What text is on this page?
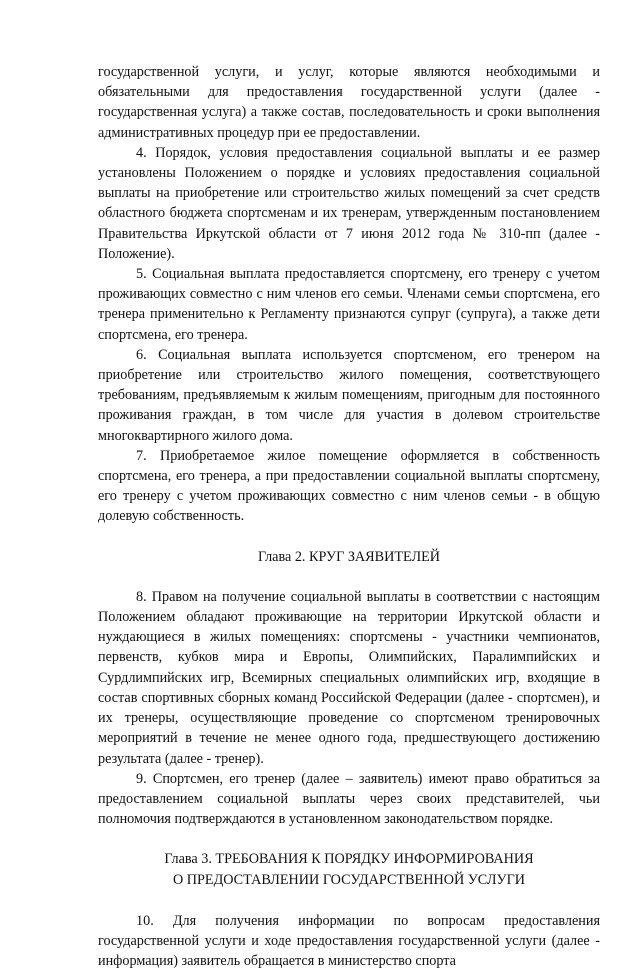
государственной услуги, и услуг, которые являются необходимыми и обязательными для предоставления государственной услуги (далее - государственная услуга) а также состав, последовательность и сроки выполнения административных процедур при ее предоставлении.

4. Порядок, условия предоставления социальной выплаты и ее размер установлены Положением о порядке и условиях предоставления социальной выплаты на приобретение или строительство жилых помещений за счет средств областного бюджета спортсменам и их тренерам, утвержденным постановлением Правительства Иркутской области от 7 июня 2012 года № 310-пп (далее - Положение).

5. Социальная выплата предоставляется спортсмену, его тренеру с учетом проживающих совместно с ним членов его семьи. Членами семьи спортсмена, его тренера применительно к Регламенту признаются супруг (супруга), а также дети спортсмена, его тренера.

6. Социальная выплата используется спортсменом, его тренером на приобретение или строительство жилого помещения, соответствующего требованиям, предъявляемым к жилым помещениям, пригодным для постоянного проживания граждан, в том числе для участия в долевом строительстве многоквартирного жилого дома.

7. Приобретаемое жилое помещение оформляется в собственность спортсмена, его тренера, а при предоставлении социальной выплаты спортсмену, его тренеру с учетом проживающих совместно с ним членов семьи - в общую долевую собственность.

Глава 2. КРУГ ЗАЯВИТЕЛЕЙ

8. Правом на получение социальной выплаты в соответствии с настоящим Положением обладают проживающие на территории Иркутской области и нуждающиеся в жилых помещениях: спортсмены - участники чемпионатов, первенств, кубков мира и Европы, Олимпийских, Паралимпийских и Сурдлимпийских игр, Всемирных специальных олимпийских игр, входящие в состав спортивных сборных команд Российской Федерации (далее - спортсмен), и их тренеры, осуществляющие проведение со спортсменом тренировочных мероприятий в течение не менее одного года, предшествующего достижению результата (далее - тренер).

9. Спортсмен, его тренер (далее – заявитель) имеют право обратиться за предоставлением социальной выплаты через своих представителей, чьи полномочия подтверждаются в установленном законодательством порядке.

Глава 3. ТРЕБОВАНИЯ К ПОРЯДКУ ИНФОРМИРОВАНИЯ
О ПРЕДОСТАВЛЕНИИ ГОСУДАРСТВЕННОЙ УСЛУГИ

10. Для получения информации по вопросам предоставления государственной услуги и ходе предоставления государственной услуги (далее - информация) заявитель обращается в министерство спорта
